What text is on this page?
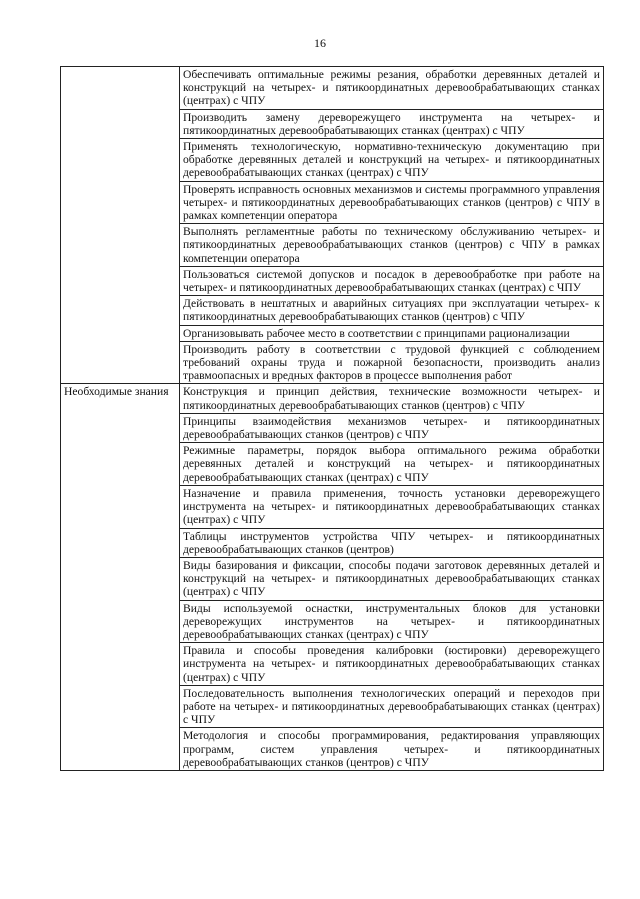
16
	Обеспечивать оптимальные режимы резания, обработки деревянных деталей и конструкций на четырех- и пятикоординатных деревообрабатывающих станках (центрах) с ЧПУ
	Производить замену дереворежущего инструмента на четырех- и пятикоординатных деревообрабатывающих станках (центрах) с ЧПУ
	Применять технологическую, нормативно-техническую документацию при обработке деревянных деталей и конструкций на четырех- и пятикоординатных деревообрабатывающих станках (центрах) с ЧПУ
	Проверять исправность основных механизмов и системы программного управления четырех- и пятикоординатных деревообрабатывающих станков (центров) с ЧПУ в рамках компетенции оператора
	Выполнять регламентные работы по техническому обслуживанию четырех- и пятикоординатных деревообрабатывающих станков (центров) с ЧПУ в рамках компетенции оператора
	Пользоваться системой допусков и посадок в деревообработке при работе на четырех- и пятикоординатных деревообрабатывающих станках (центрах) с ЧПУ
	Действовать в нештатных и аварийных ситуациях при эксплуатации четырех- к пятикоординатных деревообрабатывающих станков (центров) с ЧПУ
	Организовывать рабочее место в соответствии с принципами рационализации
	Производить работу в соответствии с трудовой функцией с соблюдением требований охраны труда и пожарной безопасности, производить анализ травмоопасных и вредных факторов в процессе выполнения работ
Необходимые знания	Конструкция и принцип действия, технические возможности четырех- и пятикоординатных деревообрабатывающих станков (центров) с ЧПУ
	Принципы взаимодействия механизмов четырех- и пятикоординатных деревообрабатывающих станков (центров) с ЧПУ
	Режимные параметры, порядок выбора оптимального режима обработки деревянных деталей и конструкций на четырех- и пятикоординатных деревообрабатывающих станках (центрах) с ЧПУ
	Назначение и правила применения, точность установки дереворежущего инструмента на четырех- и пятикоординатных деревообрабатывающих станках (центрах) с ЧПУ
	Таблицы инструментов устройства ЧПУ четырех- и пятикоординатных деревообрабатывающих станков (центров)
	Виды базирования и фиксации, способы подачи заготовок деревянных деталей и конструкций на четырех- и пятикоординатных деревообрабатывающих станках (центрах) с ЧПУ
	Виды используемой оснастки, инструментальных блоков для установки дереворежущих инструментов на четырех- и пятикоординатных деревообрабатывающих станках (центрах) с ЧПУ
	Правила и способы проведения калибровки (юстировки) дереворежущего инструмента на четырех- и пятикоординатных деревообрабатывающих станках (центрах) с ЧПУ
	Последовательность выполнения технологических операций и переходов при работе на четырех- и пятикоординатных деревообрабатывающих станках (центрах) с ЧПУ
	Методология и способы программирования, редактирования управляющих программ, систем управления четырех- и пятикоординатных деревообрабатывающих станков (центров) с ЧПУ
